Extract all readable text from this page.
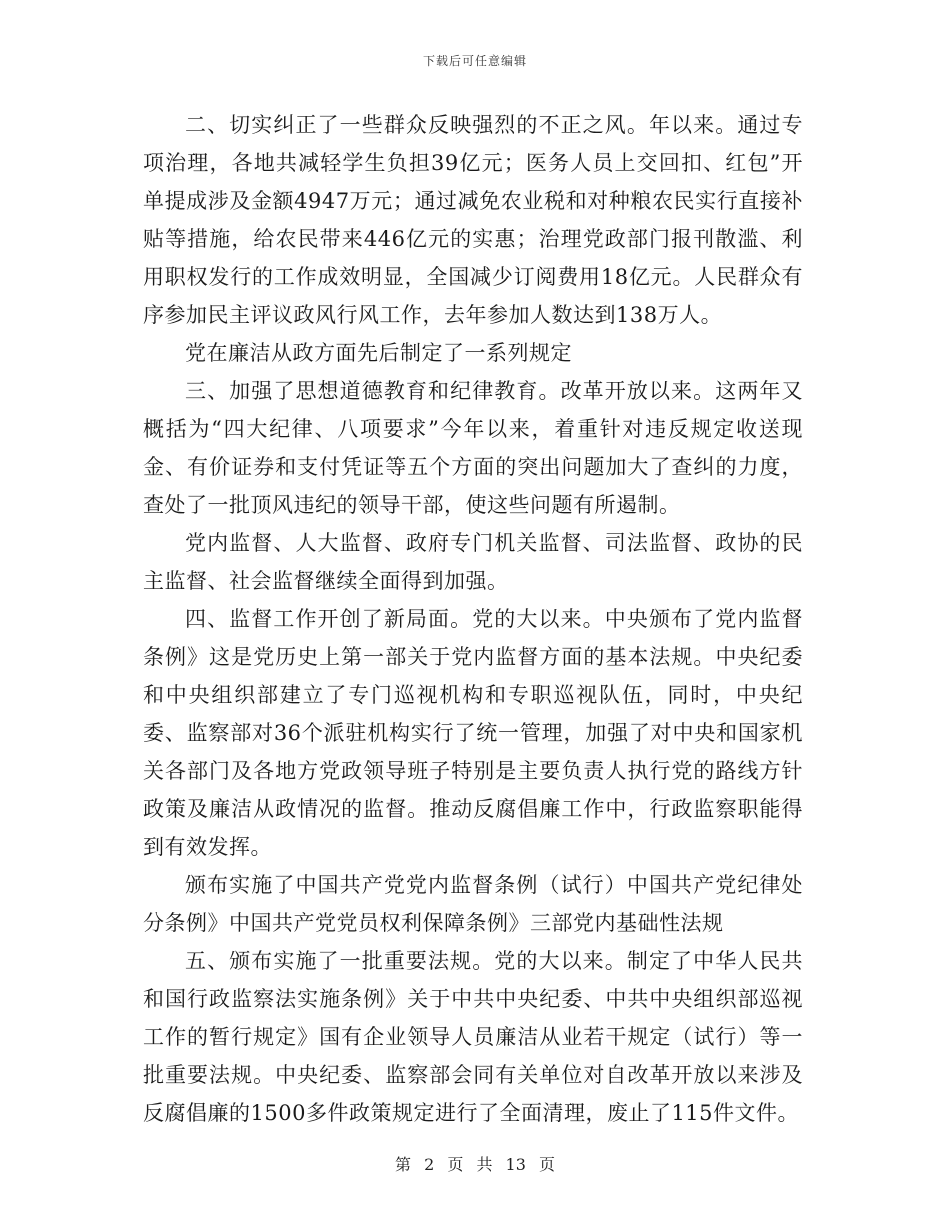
下载后可任意编辑

二、切实纠正了一些群众反映强烈的不正之风。年以来。通过专项治理，各地共减轻学生负担39亿元；医务人员上交回扣、红包”开单提成涉及金额4947万元；通过减免农业税和对种粮农民实行直接补贴等措施，给农民带来446亿元的实惠；治理党政部门报刊散滥、利用职权发行的工作成效明显，全国减少订阅费用18亿元。人民群众有序参加民主评议政风行风工作，去年参加人数达到138万人。

党在廉洁从政方面先后制定了一系列规定

三、加强了思想道德教育和纪律教育。改革开放以来。这两年又概括为“四大纪律、八项要求”今年以来，着重针对违反规定收送现金、有价证券和支付凭证等五个方面的突出问题加大了查纠的力度，查处了一批顶风违纪的领导干部，使这些问题有所遏制。

党内监督、人大监督、政府专门机关监督、司法监督、政协的民主监督、社会监督继续全面得到加强。

四、监督工作开创了新局面。党的大以来。中央颁布了党内监督条例》这是党历史上第一部关于党内监督方面的基本法规。中央纪委和中央组织部建立了专门巡视机构和专职巡视队伍，同时，中央纪委、监察部对36个派驻机构实行了统一管理，加强了对中央和国家机关各部门及各地方党政领导班子特别是主要负责人执行党的路线方针政策及廉洁从政情况的监督。推动反腐倡廉工作中，行政监察职能得到有效发挥。

颁布实施了中国共产党党内监督条例（试行）中国共产党纪律处分条例》中国共产党党员权利保障条例》三部党内基础性法规

五、颁布实施了一批重要法规。党的大以来。制定了中华人民共和国行政监察法实施条例》关于中共中央纪委、中共中央组织部巡视工作的暂行规定》国有企业领导人员廉洁从业若干规定（试行）等一批重要法规。中央纪委、监察部会同有关单位对自改革开放以来涉及反腐倡廉的1500多件政策规定进行了全面清理，废止了115件文件。

第 2 页 共 13 页
